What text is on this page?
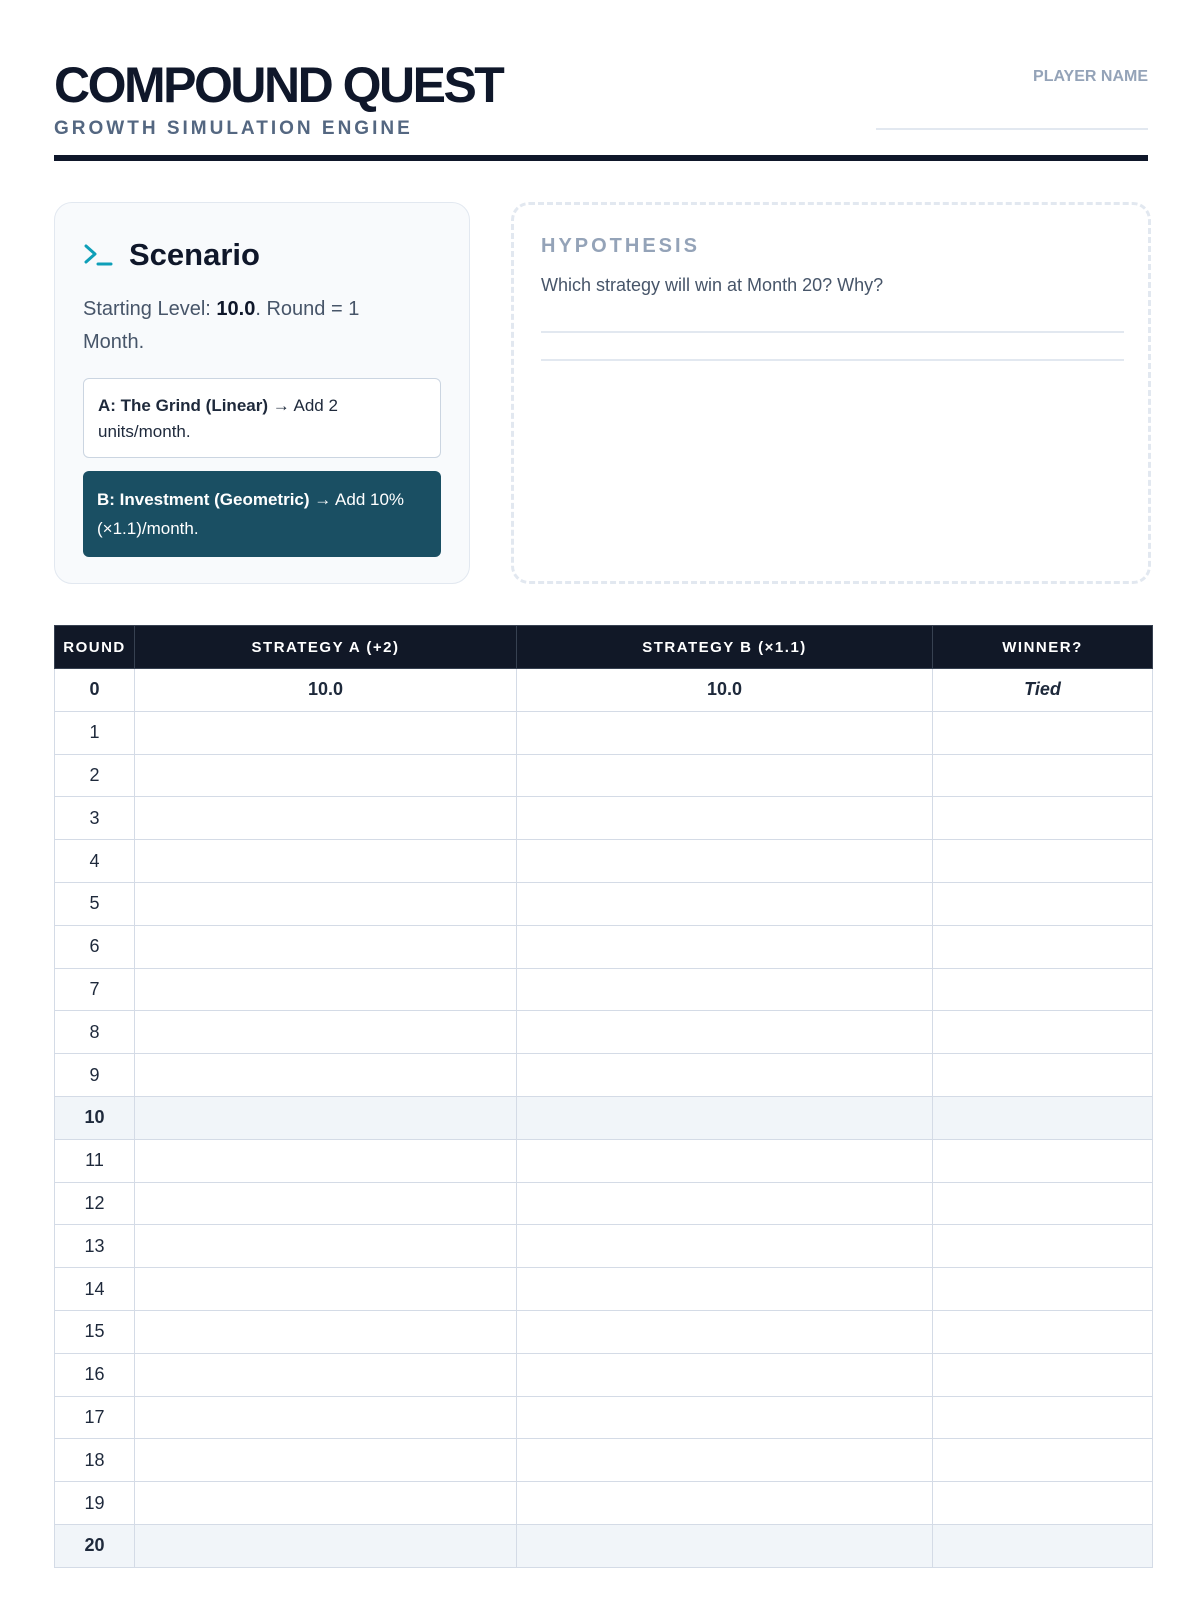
COMPOUND QUEST
GROWTH SIMULATION ENGINE
PLAYER NAME
Scenario
Starting Level: 10.0. Round = 1 Month.
A: The Grind (Linear) → Add 2 units/month.
B: Investment (Geometric) → Add 10% (×1.1)/month.
HYPOTHESIS
Which strategy will win at Month 20? Why?
ROUND	STRATEGY A (+2)	STRATEGY B (×1.1)	WINNER?
0	10.0	10.0	Tied
1			
2			
3			
4			
5			
6			
7			
8			
9			
10			
11			
12			
13			
14			
15			
16			
17			
18			
19			
20			
